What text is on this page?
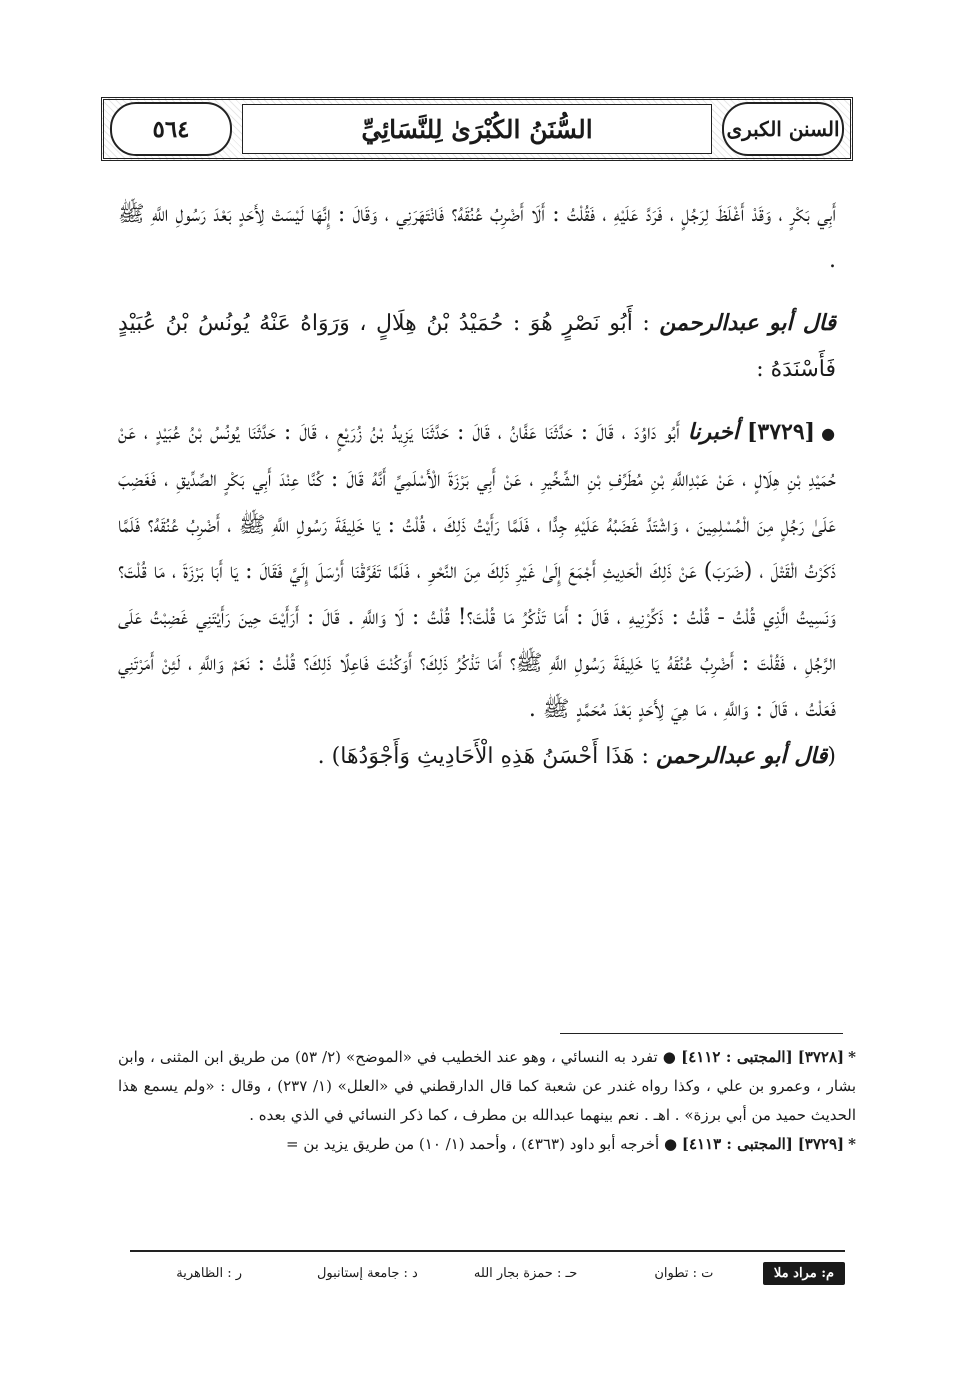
٥٦٤	السُّنَنُ الكُبْرَىٰ لِلنَّسَائِيِّ	السنن الكبرى

أَبِي بَكْرٍ ، وَقَدْ أَغْلَظَ لِرَجُلٍ ، فَرَدَّ عَلَيْهِ ، فَقُلْتُ : أَلَا أَضْرِبُ عُنُقَهُ؟ فَانْتَهَرَنِي ، وَقَالَ : إِنَّهَا لَيْسَتْ لِأَحَدٍ بَعْدَ رَسُولِ اللَّهِ ﷺ .

قال أبو عبدالرحمن : أَبُو نَصْرٍ هُوَ : حُمَيْدُ بْنُ هِلَالٍ ، وَرَوَاهُ عَنْهُ يُونُسُ بْنُ عُبَيْدٍ فَأَسْنَدَهُ :

●[٣٧٢٩] أخبرنا أَبُو دَاوُدَ ، قَالَ : حَدَّثَنَا عَفَّانُ ، قَالَ : حَدَّثَنَا يَزِيدُ بْنُ زُرَيْعٍ ، قَالَ : حَدَّثَنَا يُونُسُ بْنُ عُبَيْدٍ ، عَنْ حُمَيْدِ بْنِ هِلَالٍ ، عَنْ عَبْدِاللَّهِ بْنِ مُطَرِّفِ بْنِ الشِّخِّيرِ ، عَنْ أَبِي بَرْزَةَ الْأَسْلَمِيِّ أَنَّهُ قَالَ : كُنَّا عِنْدَ أَبِي بَكْرٍ الصِّدِّيقِ ، فَغَضِبَ عَلَىٰ رَجُلٍ مِنَ الْمُسْلِمِينَ ، وَاشْتَدَّ غَضَبُهُ عَلَيْهِ جِدًّا ، فَلَمَّا رَأَيْتُ ذَلِكَ ، قُلْتُ : يَا خَلِيفَةَ رَسُولِ اللَّهِ ﷺ ، أَضْرِبُ عُنُقَهُ؟ فَلَمَّا ذَكَرْتُ الْقَتْلَ ، (ضَرَبَ) عَنْ ذَلِكَ الْحَدِيثِ أَجْمَعَ إِلَىٰ غَيْرِ ذَلِكَ مِنَ النَّحْوِ ، فَلَمَّا تَفَرَّقْنَا أَرْسَلَ إِلَيَّ فَقَالَ : يَا أَبَا بَرْزَةَ ، مَا قُلْتَ؟ وَنَسِيتُ الَّذِي قُلْتُ - قُلْتُ : ذَكِّرْنِيهِ ، قَالَ : أَمَا تَذْكُرُ مَا قُلْتَ؟! قُلْتُ : لَا وَاللَّهِ . قَالَ : أَرَأَيْتَ حِينَ رَأَيْتَنِي غَضِبْتُ عَلَى الرَّجُلِ ، فَقُلْتَ : أَضْرِبُ عُنُقَهُ يَا خَلِيفَةَ رَسُولِ اللَّهِ ﷺ؟ أَمَا تَذْكُرُ ذَلِكَ؟ أَوَكُنْتَ فَاعِلًا ذَلِكَ؟ قُلْتُ : نَعَمْ وَاللَّهِ ، لَئِنْ أَمَرْتَنِي فَعَلْتُ ، قَالَ : وَاللَّهِ ، مَا هِيَ لِأَحَدٍ بَعْدَ مُحَمَّدٍ ﷺ .

(قال أبو عبدالرحمن : هَذَا أَحْسَنُ هَذِهِ الْأَحَادِيثِ وَأَجْوَدُهَا) .

*[٣٧٢٨] [المجتبى : ٤١١٢] ● تفرد به النسائي ، وهو عند الخطيب في «الموضح» (٢/ ٥٣) من طريق ابن المثنى ، وابن بشار ، وعمرو بن علي ، وكذا رواه غندر عن شعبة كما قال الدارقطني في «العلل» (١/ ٢٣٧) ، وقال : «ولم يسمع هذا الحديث حميد من أبي برزة» . اهـ . نعم بينهما عبدالله بن مطرف ، كما ذكر النسائي في الذي بعده .

*[٣٧٢٩] [المجتبى : ٤١١٣] ● أخرجه أبو داود (٤٣٦٣) ، وأحمد (١/ ١٠) من طريق يزيد بن =

م: مراد ملا
ت : تطوان
حـ : حمزة بجار الله
د : جامعة إستانبول
ر : الظاهرية
